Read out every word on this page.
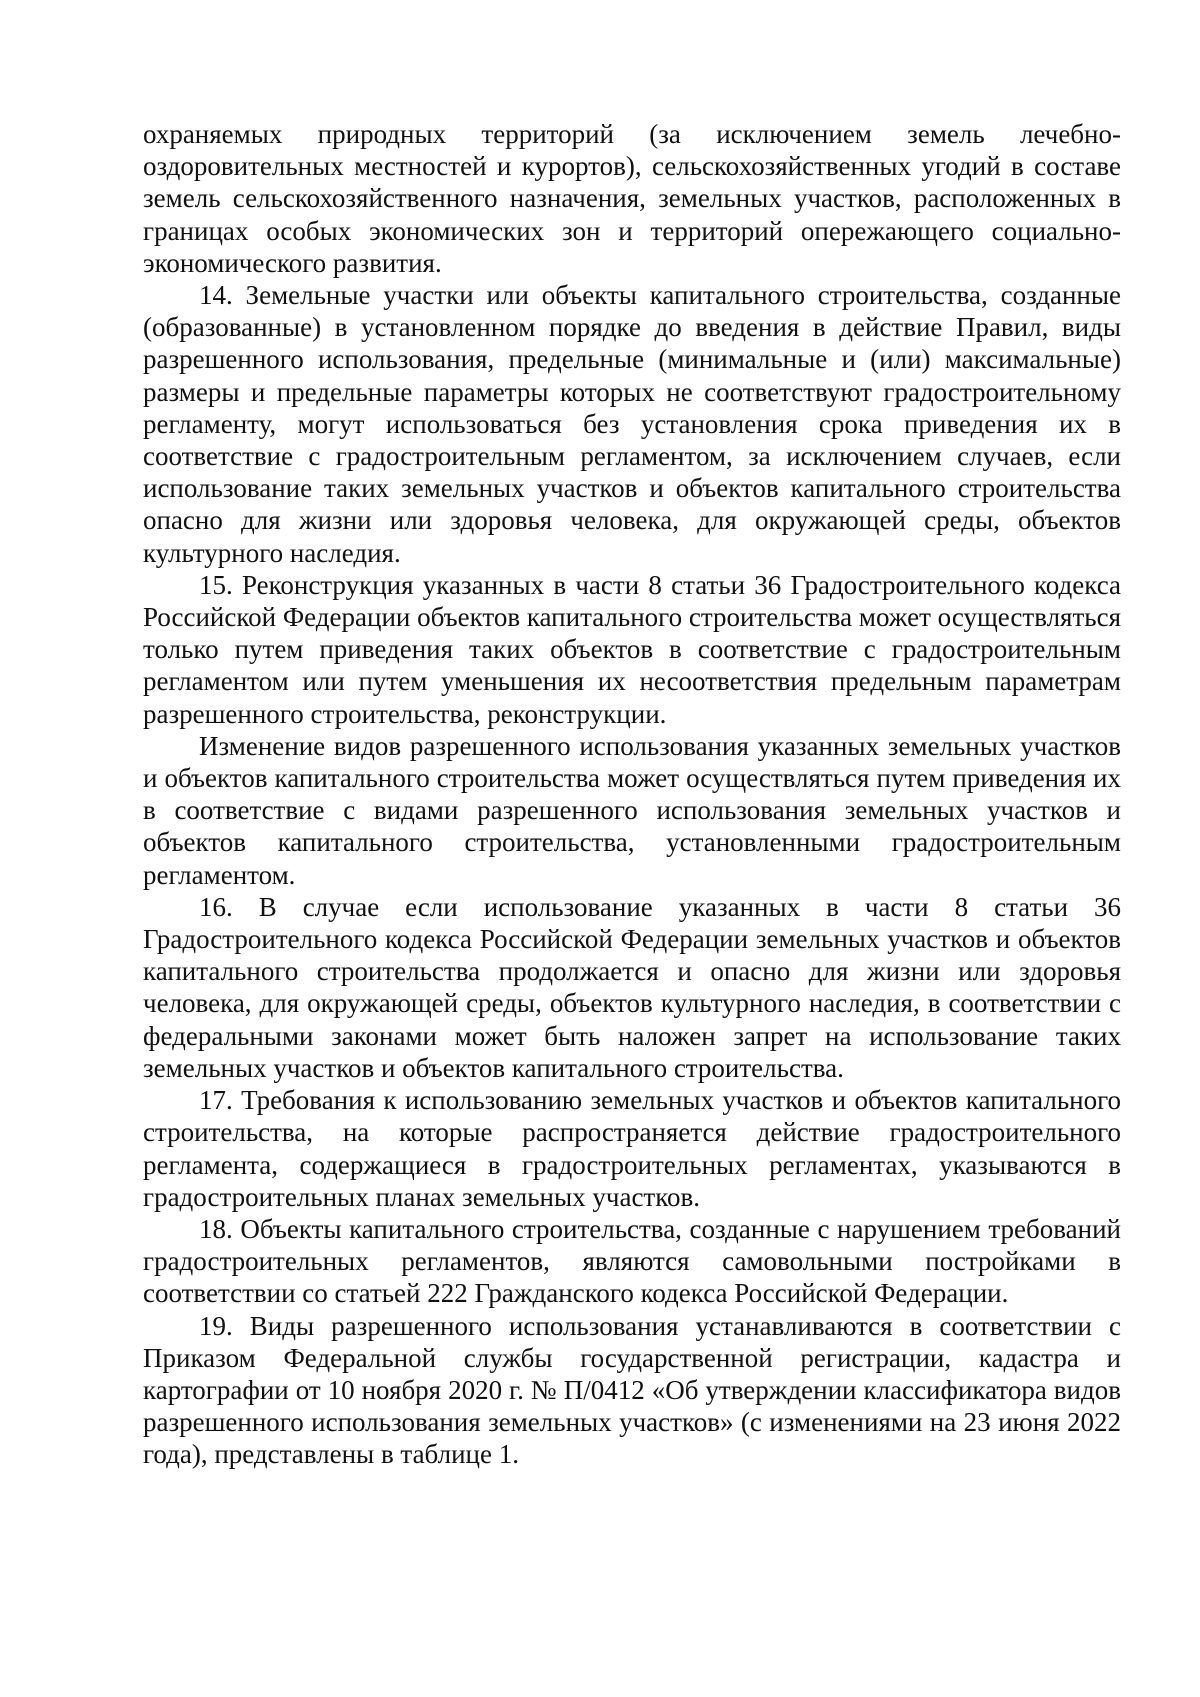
охраняемых природных территорий (за исключением земель лечебно-оздоровительных местностей и курортов), сельскохозяйственных угодий в составе земель сельскохозяйственного назначения, земельных участков, расположенных в границах особых экономических зон и территорий опережающего социально-экономического развития.

14. Земельные участки или объекты капитального строительства, созданные (образованные) в установленном порядке до введения в действие Правил, виды разрешенного использования, предельные (минимальные и (или) максимальные) размеры и предельные параметры которых не соответствуют градостроительному регламенту, могут использоваться без установления срока приведения их в соответствие с градостроительным регламентом, за исключением случаев, если использование таких земельных участков и объектов капитального строительства опасно для жизни или здоровья человека, для окружающей среды, объектов культурного наследия.

15. Реконструкция указанных в части 8 статьи 36 Градостроительного кодекса Российской Федерации объектов капитального строительства может осуществляться только путем приведения таких объектов в соответствие с градостроительным регламентом или путем уменьшения их несоответствия предельным параметрам разрешенного строительства, реконструкции.

Изменение видов разрешенного использования указанных земельных участков и объектов капитального строительства может осуществляться путем приведения их в соответствие с видами разрешенного использования земельных участков и объектов капитального строительства, установленными градостроительным регламентом.

16. В случае если использование указанных в части 8 статьи 36 Градостроительного кодекса Российской Федерации земельных участков и объектов капитального строительства продолжается и опасно для жизни или здоровья человека, для окружающей среды, объектов культурного наследия, в соответствии с федеральными законами может быть наложен запрет на использование таких земельных участков и объектов капитального строительства.

17. Требования к использованию земельных участков и объектов капитального строительства, на которые распространяется действие градостроительного регламента, содержащиеся в градостроительных регламентах, указываются в градостроительных планах земельных участков.

18. Объекты капитального строительства, созданные с нарушением требований градостроительных регламентов, являются самовольными постройками в соответствии со статьей 222 Гражданского кодекса Российской Федерации.

19. Виды разрешенного использования устанавливаются в соответствии с Приказом Федеральной службы государственной регистрации, кадастра и картографии от 10 ноября 2020 г. № П/0412 «Об утверждении классификатора видов разрешенного использования земельных участков» (с изменениями на 23 июня 2022 года), представлены в таблице 1.
